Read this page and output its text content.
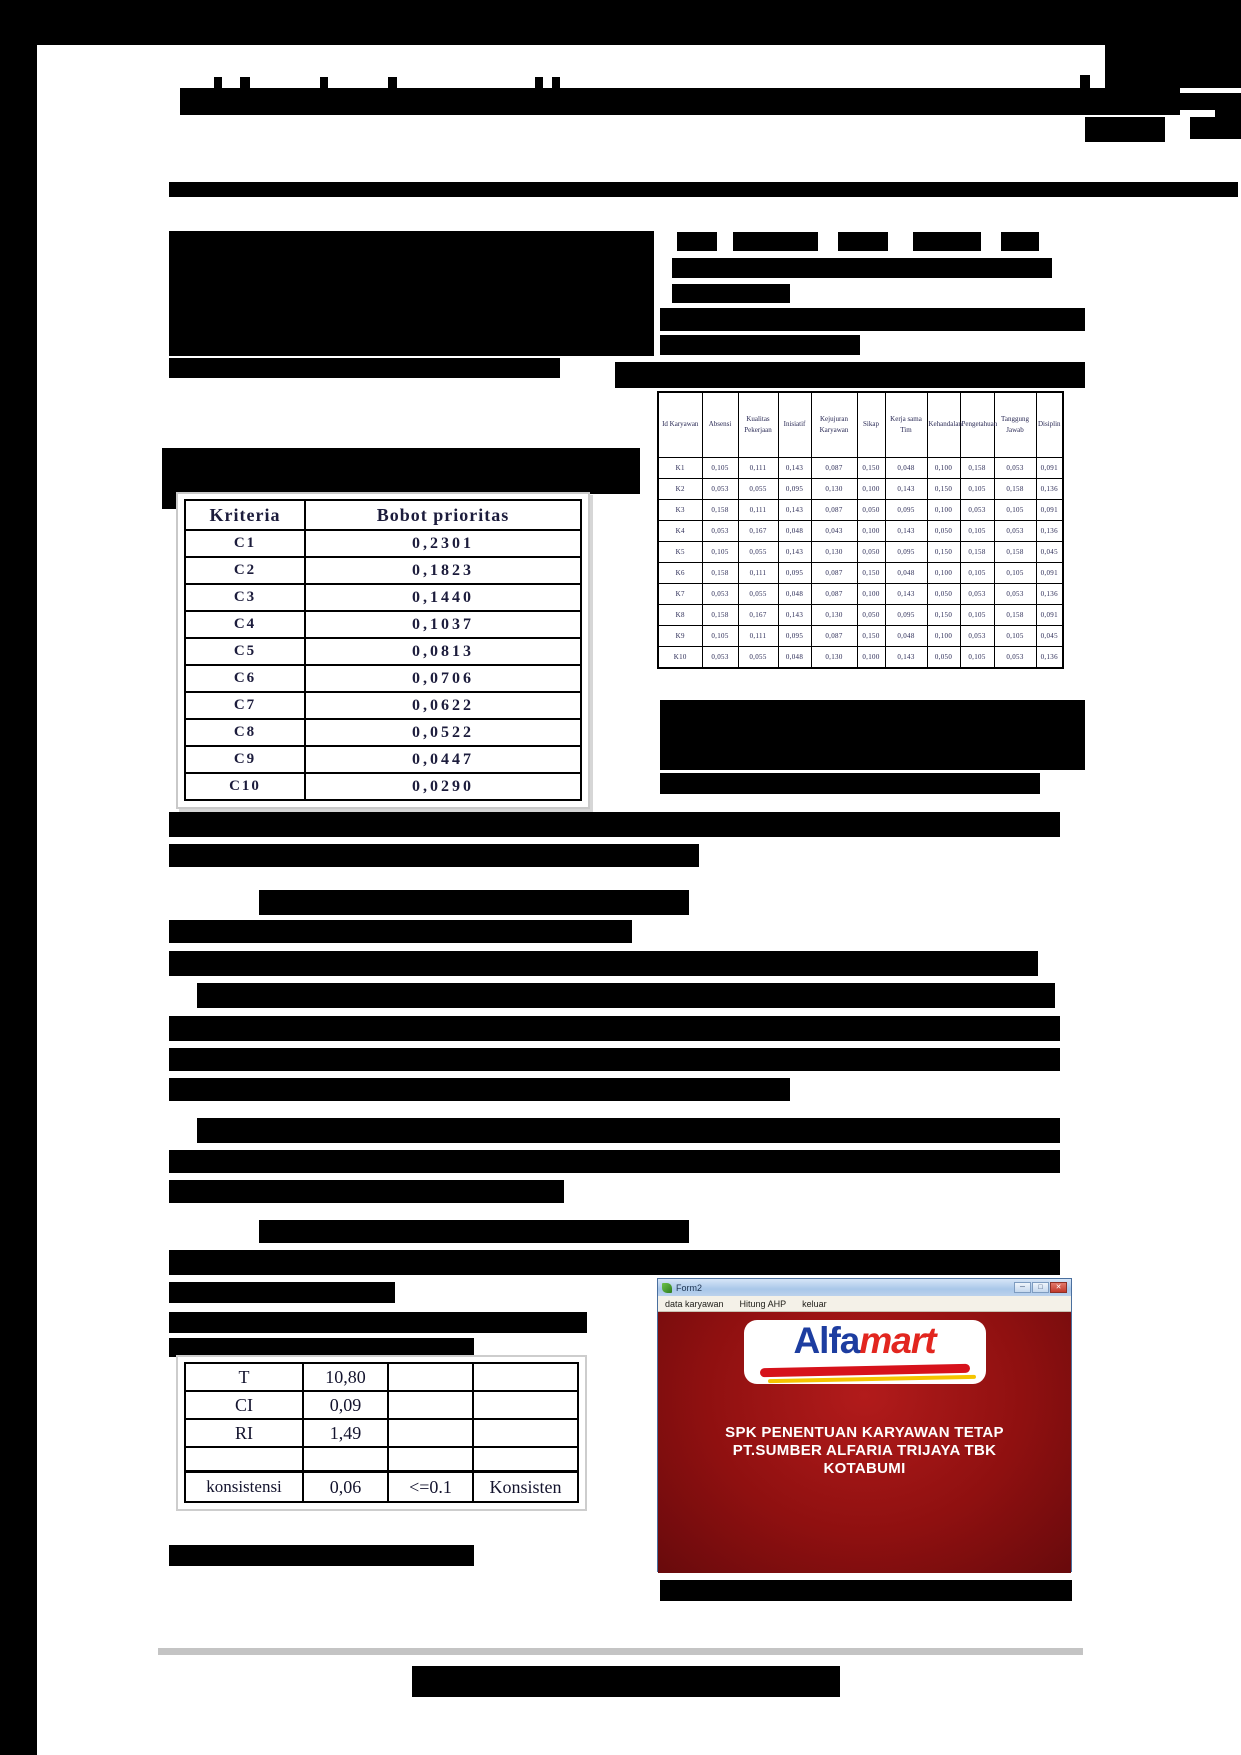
Kriteria	Bobot prioritas
C1	0,2301
C2	0,1823
C3	0,1440
C4	0,1037
C5	0,0813
C6	0,0706
C7	0,0622
C8	0,0522
C9	0,0447
C10	0,0290
Id Karyawan	Absensi	Kualitas Pekerjaan	Inisiatif	Kejujuran Karyawan	Sikap	Kerja sama Tim	Kehandalan	Pengetahuan	Tanggung Jawab	Disiplin
K1	0,105	0,111	0,143	0,087	0,150	0,048	0,100	0,158	0,053	0,091
K2	0,053	0,055	0,095	0,130	0,100	0,143	0,150	0,105	0,158	0,136
K3	0,158	0,111	0,143	0,087	0,050	0,095	0,100	0,053	0,105	0,091
K4	0,053	0,167	0,048	0,043	0,100	0,143	0,050	0,105	0,053	0,136
K5	0,105	0,055	0,143	0,130	0,050	0,095	0,150	0,158	0,158	0,045
K6	0,158	0,111	0,095	0,087	0,150	0,048	0,100	0,105	0,105	0,091
K7	0,053	0,055	0,048	0,087	0,100	0,143	0,050	0,053	0,053	0,136
K8	0,158	0,167	0,143	0,130	0,050	0,095	0,150	0,105	0,158	0,091
K9	0,105	0,111	0,095	0,087	0,150	0,048	0,100	0,053	0,105	0,045
K10	0,053	0,055	0,048	0,130	0,100	0,143	0,050	0,105	0,053	0,136
T	10,80		
CI	0,09		
RI	1,49		

konsistensi	0,06	<=0.1	Konsisten
Form2	─	□	✕
data karyawan Hitung AHP keluar
Alfamart
SPK PENENTUAN KARYAWAN TETAP
PT.SUMBER ALFARIA TRIJAYA TBK
KOTABUMI
